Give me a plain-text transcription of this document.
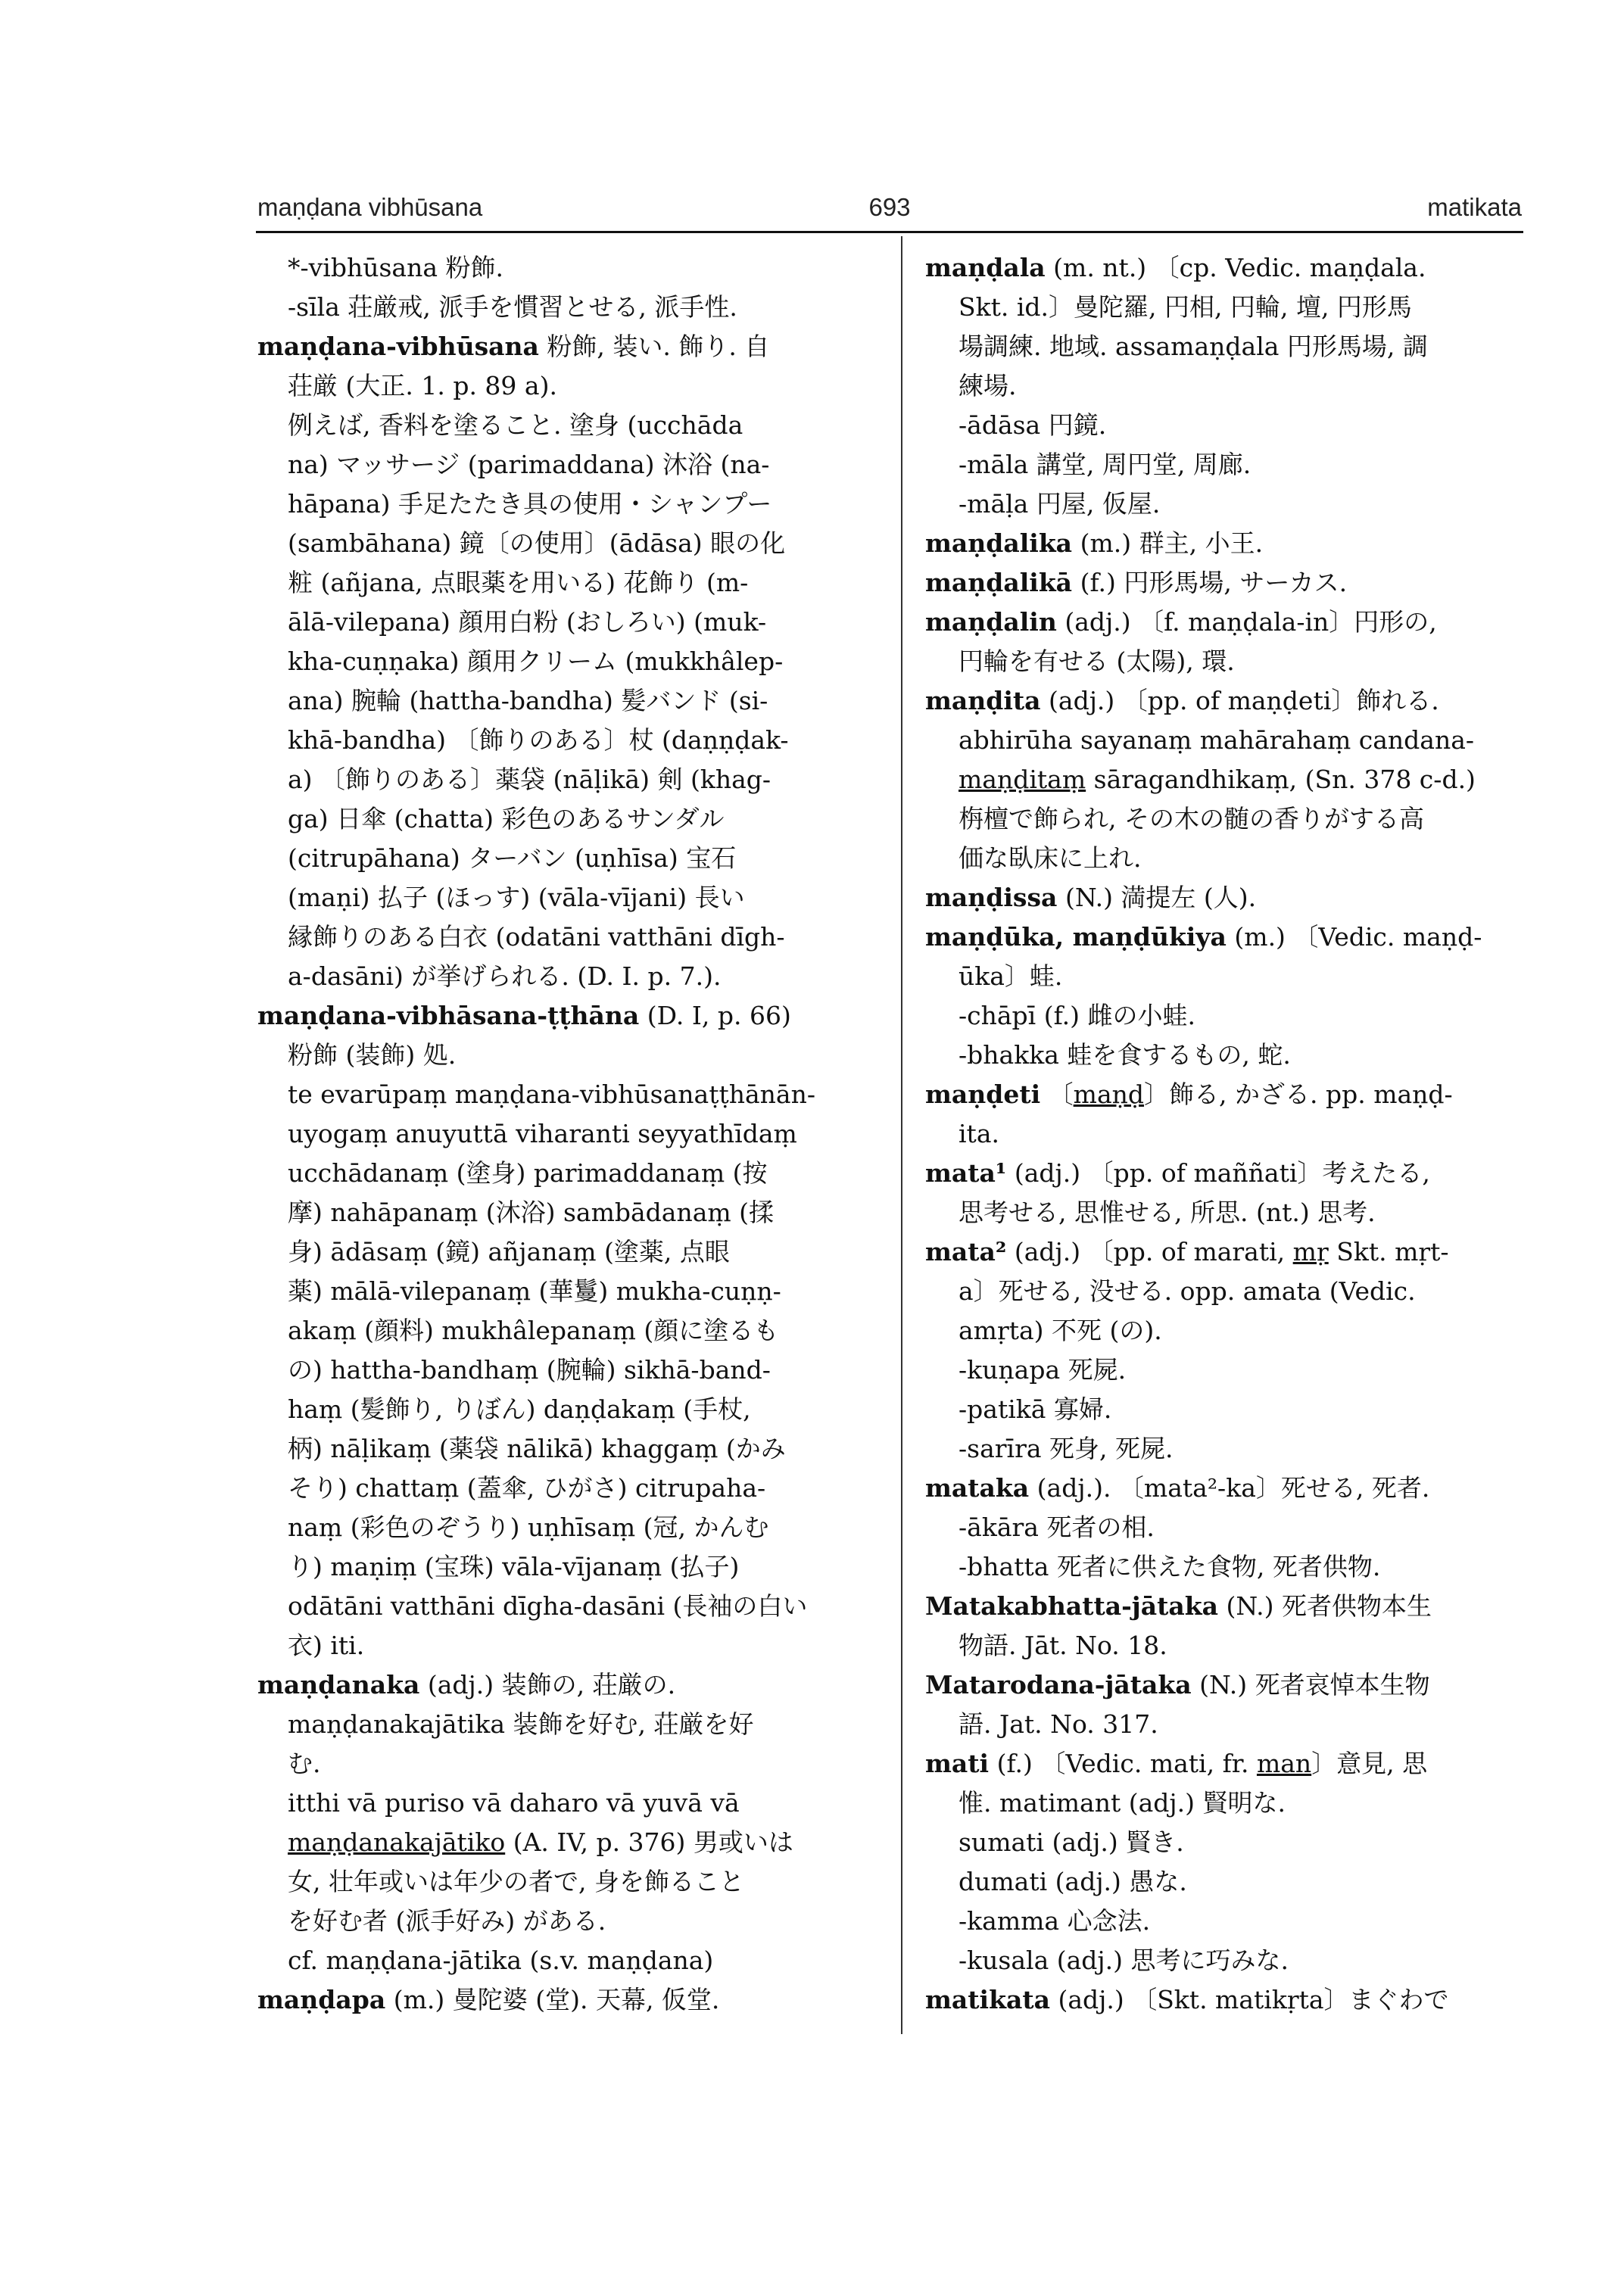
maṇḍana vibhūsana	693	matikata
*-vibhūsana 粉飾.
-sīla 荘厳戒, 派手を慣習とせる, 派手性.
maṇḍana-vibhūsana 粉飾, 装い. 飾り. 自
荘厳 (大正. 1. p. 89 a).
例えば, 香料を塗ること. 塗身 (ucchāda
na) マッサージ (parimaddana) 沐浴 (na-
hāpana) 手足たたき具の使用・シャンプー
(sambāhana) 鏡〔の使用〕(ādāsa) 眼の化
粧 (añjana, 点眼薬を用いる) 花飾り (m-
ālā-vilepana) 顔用白粉 (おしろい) (muk-
kha-cuṇṇaka) 顔用クリーム (mukkhâlep-
ana) 腕輪 (hattha-bandha) 髪バンド (si-
khā-bandha) 〔飾りのある〕杖 (daṇṇḍak-
a) 〔飾りのある〕薬袋 (nāḷikā) 剣 (khag-
ga) 日傘 (chatta) 彩色のあるサンダル
(citrupāhana) ターバン (uṇhīsa) 宝石
(maṇi) 払子 (ほっす) (vāla-vījani) 長い
縁飾りのある白衣 (odatāni vatthāni dīgh-
a-dasāni) が挙げられる. (D. I. p. 7.).
maṇḍana-vibhāsana-ṭṭhāna (D. I, p. 66)
粉飾 (装飾) 処.
te evarūpaṃ maṇḍana-vibhūsanaṭṭhānān-
uyogaṃ anuyuttā viharanti seyyathīdaṃ
ucchādanaṃ (塗身) parimaddanaṃ (按
摩) nahāpanaṃ (沐浴) sambādanaṃ (揉
身) ādāsaṃ (鏡) añjanaṃ (塗薬, 点眼
薬) mālā-vilepanaṃ (華鬘) mukha-cuṇṇ-
akaṃ (顔料) mukhâlepanaṃ (顔に塗るも
の) hattha-bandhaṃ (腕輪) sikhā-band-
haṃ (髪飾り, りぼん) daṇḍakaṃ (手杖,
柄) nāḷikaṃ (薬袋 nālikā) khaggaṃ (かみ
そり) chattaṃ (蓋傘, ひがさ) citrupaha-
naṃ (彩色のぞうり) uṇhīsaṃ (冠, かんむ
り) maṇiṃ (宝珠) vāla-vījanaṃ (払子)
odātāni vatthāni dīgha-dasāni (長袖の白い
衣) iti.
maṇḍanaka (adj.) 装飾の, 荘厳の.
maṇḍanakajātika 装飾を好む, 荘厳を好
む.
itthi vā puriso vā daharo vā yuvā vā
maṇḍanakajātiko (A. IV, p. 376) 男或いは
女, 壮年或いは年少の者で, 身を飾ること
を好む者 (派手好み) がある.
cf. maṇḍana-jātika (s.v. maṇḍana)
maṇḍapa (m.) 曼陀婆 (堂). 天幕, 仮堂.
maṇḍala (m. nt.) 〔cp. Vedic. maṇḍala.
Skt. id.〕曼陀羅, 円相, 円輪, 壇, 円形馬
場調練. 地域. assamaṇḍala 円形馬場, 調
練場.
-ādāsa 円鏡.
-māla 講堂, 周円堂, 周廊.
-māḷa 円屋, 仮屋.
maṇḍalika (m.) 群主, 小王.
maṇḍalikā (f.) 円形馬場, サーカス.
maṇḍalin (adj.) 〔f. maṇḍala-in〕円形の,
円輪を有せる (太陽), 環.
maṇḍita (adj.) 〔pp. of maṇḍeti〕飾れる.
abhirūha sayanaṃ mahārahaṃ candana-
maṇḍitaṃ sāragandhikaṃ, (Sn. 378 c-d.)
栴檀で飾られ, その木の髄の香りがする高
価な臥床に上れ.
maṇḍissa (N.) 満提左 (人).
maṇḍūka, maṇḍūkiya (m.) 〔Vedic. maṇḍ-
ūka〕蛙.
-chāpī (f.) 雌の小蛙.
-bhakka 蛙を食するもの, 蛇.
maṇḍeti 〔maṇḍ〕飾る, かざる. pp. maṇḍ-
ita.
mata¹ (adj.) 〔pp. of maññati〕考えたる,
思考せる, 思惟せる, 所思. (nt.) 思考.
mata² (adj.) 〔pp. of marati, mṛ Skt. mṛt-
a〕死せる, 没せる. opp. amata (Vedic.
amṛta) 不死 (の).
-kuṇapa 死屍.
-patikā 寡婦.
-sarīra 死身, 死屍.
mataka (adj.). 〔mata²-ka〕死せる, 死者.
-ākāra 死者の相.
-bhatta 死者に供えた食物, 死者供物.
Matakabhatta-jātaka (N.) 死者供物本生
物語. Jāt. No. 18.
Matarodana-jātaka (N.) 死者哀悼本生物
語. Jat. No. 317.
mati (f.) 〔Vedic. mati, fr. man〕意見, 思
惟. matimant (adj.) 賢明な.
sumati (adj.) 賢き.
dumati (adj.) 愚な.
-kamma 心念法.
-kusala (adj.) 思考に巧みな.
matikata (adj.) 〔Skt. matikṛta〕まぐわで
